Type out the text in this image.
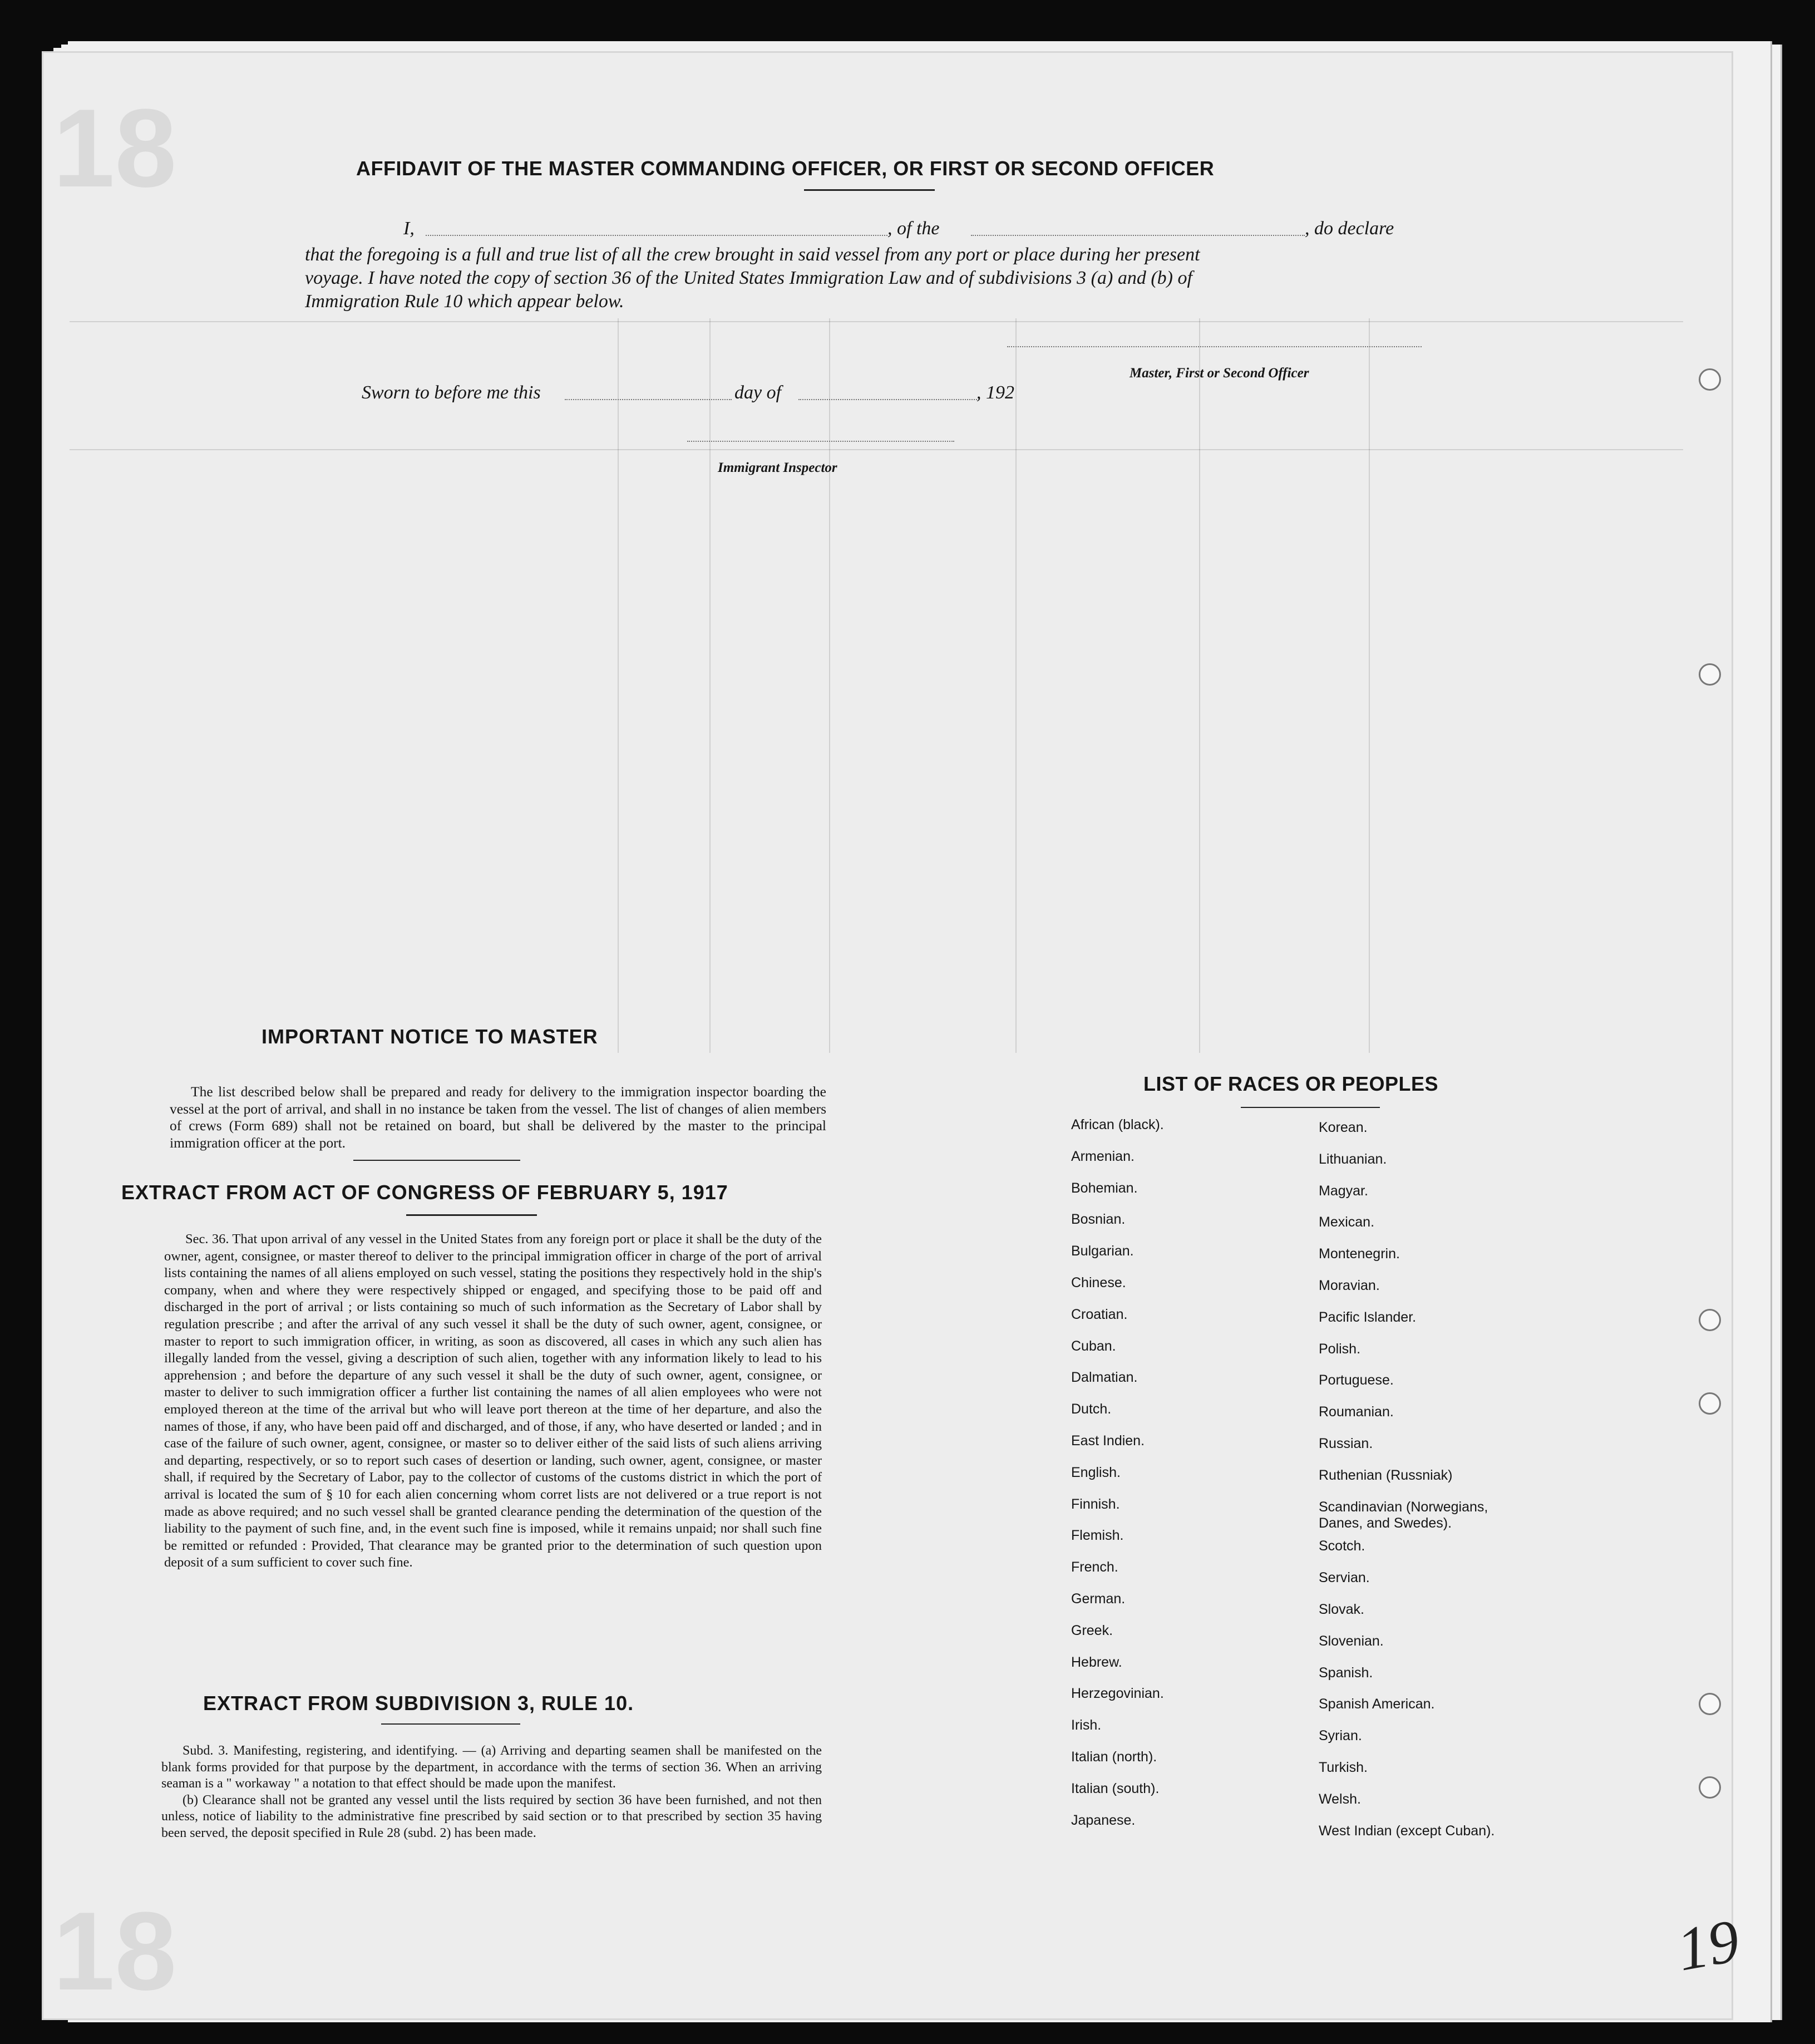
18
18
AFFIDAVIT OF THE MASTER COMMANDING OFFICER, OR FIRST OR SECOND OFFICER
I,	, of the	, do declare
that the foregoing is a full and true list of all the crew brought in said vessel from any port or place during her present
voyage. I have noted the copy of section 36 of the United States Immigration Law and of subdivisions 3 (a) and (b) of
Immigration Rule 10 which appear below.
Master, First or Second Officer
Sworn to before me this	day of	, 192
Immigrant Inspector
IMPORTANT NOTICE TO MASTER

The list described below shall be prepared and ready for delivery to the immigration inspector boarding the vessel at the port of arrival, and shall in no instance be taken from the vessel. The list of changes of alien members of crews (Form 689) shall not be retained on board, but shall be delivered by the master to the principal immigration officer at the port.

EXTRACT FROM ACT OF CONGRESS OF FEBRUARY 5, 1917

Sec. 36. That upon arrival of any vessel in the United States from any foreign port or place it shall be the duty of the owner, agent, consignee, or master thereof to deliver to the principal immigration officer in charge of the port of arrival lists containing the names of all aliens employed on such vessel, stating the positions they respectively hold in the ship's company, when and where they were respectively shipped or engaged, and specifying those to be paid off and discharged in the port of arrival ; or lists containing so much of such information as the Secretary of Labor shall by regulation prescribe ; and after the arrival of any such vessel it shall be the duty of such owner, agent, consignee, or master to report to such immigration officer, in writing, as soon as discovered, all cases in which any such alien has illegally landed from the vessel, giving a description of such alien, together with any information likely to lead to his apprehension ; and before the departure of any such vessel it shall be the duty of such owner, agent, consignee, or master to deliver to such immigration officer a further list containing the names of all alien employees who were not employed thereon at the time of the arrival but who will leave port thereon at the time of her departure, and also the names of those, if any, who have been paid off and discharged, and of those, if any, who have deserted or landed ; and in case of the failure of such owner, agent, consignee, or master so to deliver either of the said lists of such aliens arriving and departing, respectively, or so to report such cases of desertion or landing, such owner, agent, consignee, or master shall, if required by the Secretary of Labor, pay to the collector of customs of the customs district in which the port of arrival is located the sum of § 10 for each alien concerning whom corret lists are not delivered or a true report is not made as above required; and no such vessel shall be granted clearance pending the determination of the question of the liability to the payment of such fine, and, in the event such fine is imposed, while it remains unpaid; nor shall such fine be remitted or refunded : Provided, That clearance may be granted prior to the determination of such question upon deposit of a sum sufficient to cover such fine.

EXTRACT FROM SUBDIVISION 3, RULE 10.

Subd. 3. Manifesting, registering, and identifying. — (a) Arriving and departing seamen shall be manifested on the blank forms provided for that purpose by the department, in accordance with the terms of section 36. When an arriving seaman is a " workaway " a notation to that effect should be made upon the manifest.

(b) Clearance shall not be granted any vessel until the lists required by section 36 have been furnished, and not then unless, notice of liability to the administrative fine prescribed by said section or to that prescribed by section 35 having been served, the deposit specified in Rule 28 (subd. 2) has been made.

LIST OF RACES OR PEOPLES
19
African (black).
Armenian.
Bohemian.
Bosnian.
Bulgarian.
Chinese.
Croatian.
Cuban.
Dalmatian.
Dutch.
East Indien.
English.
Finnish.
Flemish.
French.
German.
Greek.
Hebrew.
Herzegovinian.
Irish.
Italian (north).
Italian (south).
Japanese.
Korean.
Lithuanian.
Magyar.
Mexican.
Montenegrin.
Moravian.
Pacific Islander.
Polish.
Portuguese.
Roumanian.
Russian.
Ruthenian (Russniak)
Scandinavian (Norwegians,
Danes, and Swedes).
Scotch.
Servian.
Slovak.
Slovenian.
Spanish.
Spanish American.
Syrian.
Turkish.
Welsh.
West Indian (except Cuban).
